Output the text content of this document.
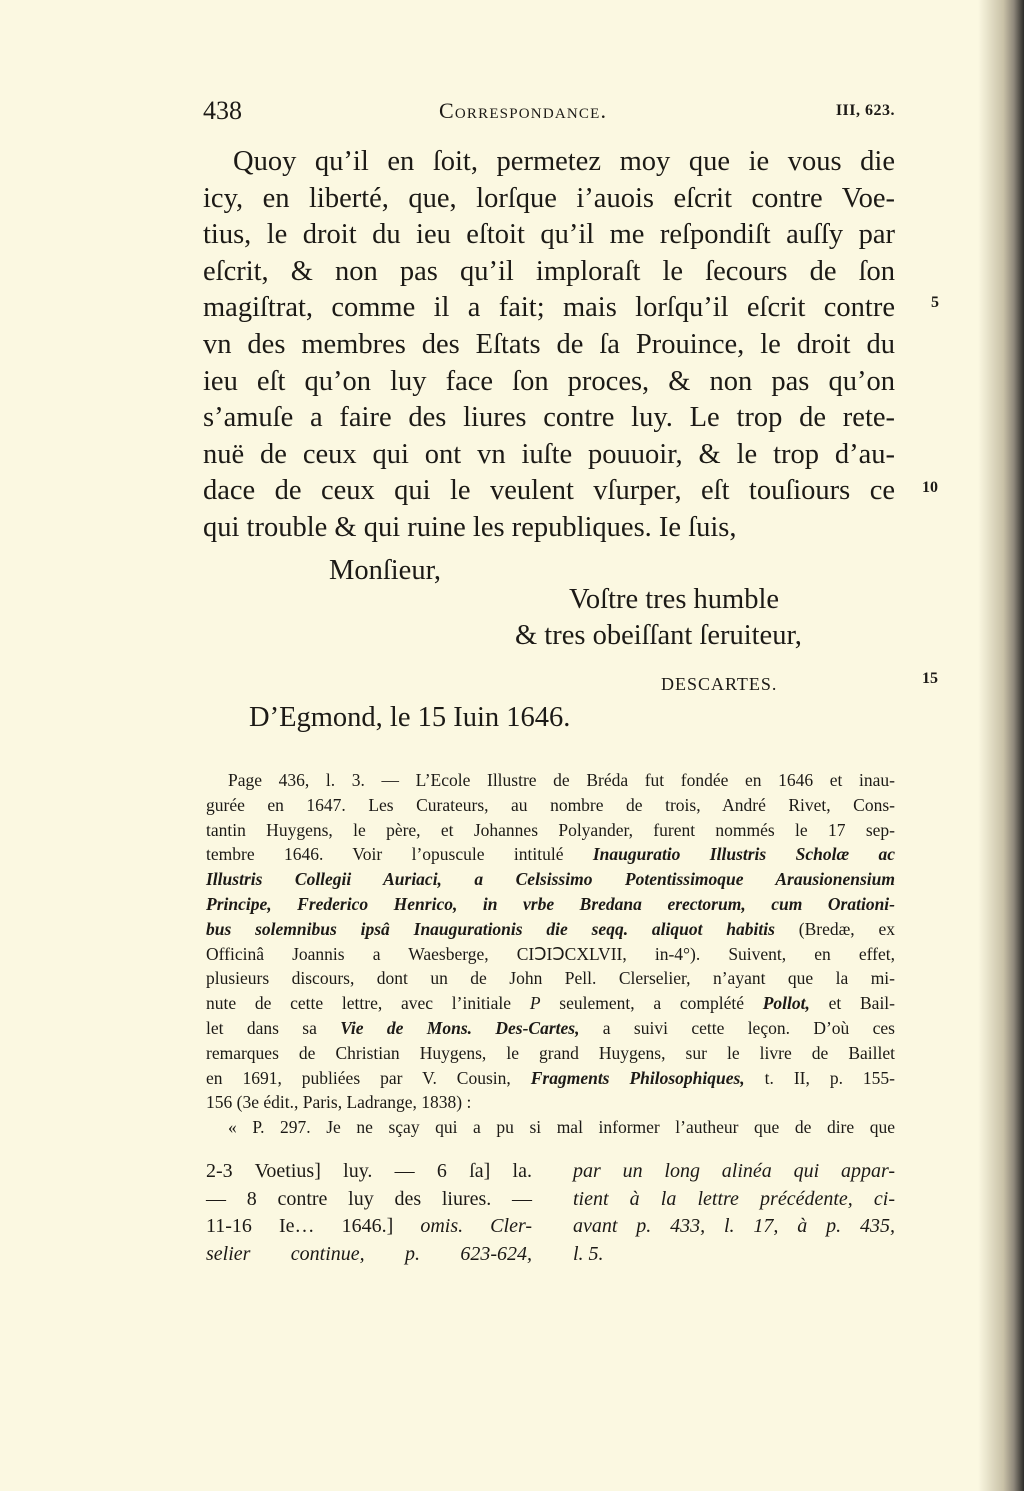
438	Correspondance.	III, 623.
Quoy qu’il en ſoit, permetez moy que ie vous die
icy, en liberté, que, lorſque i’auois eſcrit contre Voe-
tius, le droit du ieu eſtoit qu’il me reſpondiſt auſſy par
eſcrit, & non pas qu’il imploraſt le ſecours de ſon
magiſtrat, comme il a fait; mais lorſqu’il eſcrit contre
vn des membres des Eſtats de ſa Prouince, le droit du
ieu eſt qu’on luy face ſon proces, & non pas qu’on
s’amuſe a faire des liures contre luy. Le trop de rete-
nuë de ceux qui ont vn iuſte pouuoir, & le trop d’au-
dace de ceux qui le veulent vſurper, eſt touſiours ce
qui trouble & qui ruine les republiques. Ie ſuis,
5
10
15
Monſieur,
Voſtre tres humble
& tres obeiſſant ſeruiteur,
DESCARTES.
D’Egmond, le 15 Iuin 1646.
Page 436, l. 3. — L’Ecole Illustre de Bréda fut fondée en 1646 et inau-
gurée en 1647. Les Curateurs, au nombre de trois, André Rivet, Cons-
tantin Huygens, le père, et Johannes Polyander, furent nommés le 17 sep-
tembre 1646. Voir l’opuscule intitulé Inauguratio Illustris Scholæ ac
Illustris Collegii Auriaci, a Celsissimo Potentissimoque Arausionensium
Principe, Frederico Henrico, in vrbe Bredana erectorum, cum Orationi-
bus solemnibus ipsâ Inaugurationis die seqq. aliquot habitis (Bredæ, ex
Officinâ Joannis a Waesberge, CIↃIↃCXLVII, in-4°). Suivent, en effet,
plusieurs discours, dont un de John Pell. Clerselier, n’ayant que la mi-
nute de cette lettre, avec l’initiale P seulement, a complété Pollot, et Bail-
let dans sa Vie de Mons. Des-Cartes, a suivi cette leçon. D’où ces
remarques de Christian Huygens, le grand Huygens, sur le livre de Baillet
en 1691, publiées par V. Cousin, Fragments Philosophiques, t. II, p. 155-
156 (3e édit., Paris, Ladrange, 1838) :
« P. 297. Je ne sçay qui a pu si mal informer l’autheur que de dire que
2-3 Voetius] luy. — 6 ſa] la.
— 8 contre luy des liures. —
11-16 Ie… 1646.] omis. Cler-
selier continue, p. 623-624,
par un long alinéa qui appar-
tient à la lettre précédente, ci-
avant p. 433, l. 17, à p. 435,
l. 5.
